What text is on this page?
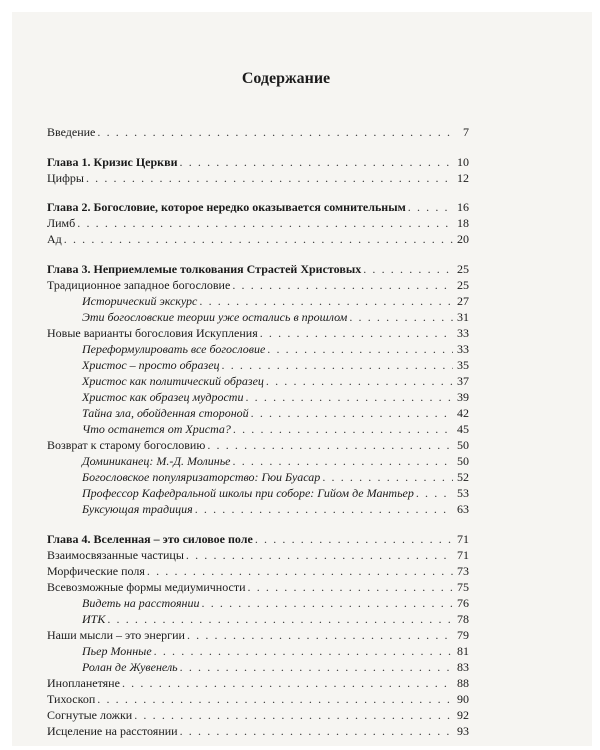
Содержание
Введение . . .	7
Глава 1. Кризис Церкви . . .	10
Цифры . . .	12
Глава 2. Богословие, которое нередко оказывается сомнительным . . .	16
Лимб . . .	18
Ад . . .	20
Глава 3. Неприемлемые толкования Страстей Христовых . . .	25
Традиционное западное богословие . . .	25
Исторический экскурс . . .	27
Эти богословские теории уже остались в прошлом . . .	31
Новые варианты богословия Искупления . . .	33
Переформулировать все богословие . . .	33
Христос – просто образец . . .	35
Христос как политический образец . . .	37
Христос как образец мудрости . . .	39
Тайна зла, обойденная стороной . . .	42
Что останется от Христа? . . .	45
Возврат к старому богословию . . .	50
Доминиканец: М.-Д. Молинье . . .	50
Богословское популяризаторство: Гюи Буасар . . .	52
Профессор Кафедральной школы при соборе: Гийом де Мантьер . . .	53
Буксующая традиция . . .	63
Глава 4. Вселенная – это силовое поле . . .	71
Взаимосвязанные частицы . . .	71
Морфические поля . . .	73
Всевозможные формы медиумичности . . .	75
Видеть на расстоянии . . .	76
ИТК . . .	78
Наши мысли – это энергии . . .	79
Пьер Монные . . .	81
Ролан де Жувенель . . .	83
Инопланетяне . . .	88
Тихоскоп . . .	90
Согнутые ложки . . .	92
Исцеление на расстоянии . . .	93
